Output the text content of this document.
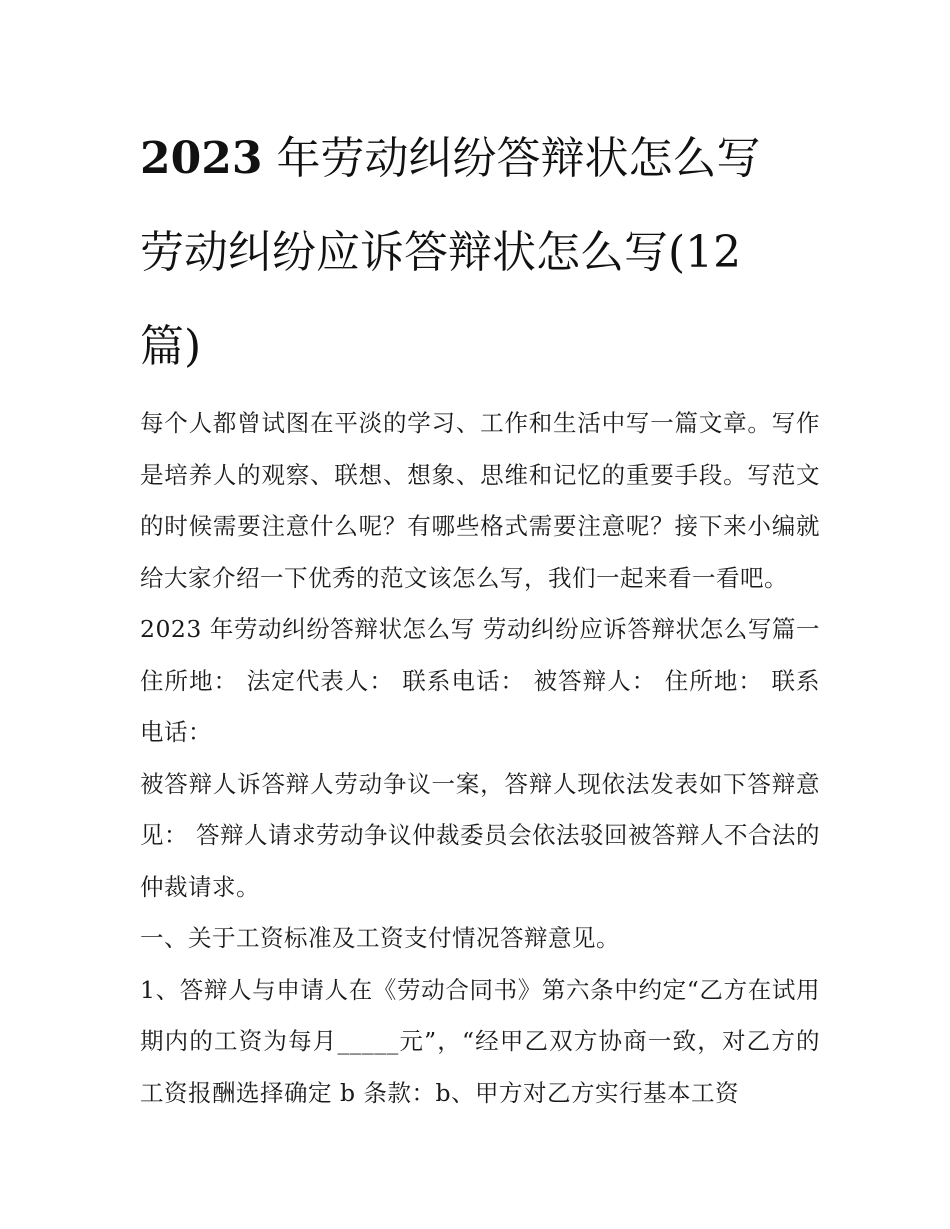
2023 年劳动纠纷答辩状怎么写
劳动纠纷应诉答辩状怎么写(12
篇)

每个人都曾试图在平淡的学习、工作和生活中写一篇文章。写作是培养人的观察、联想、想象、思维和记忆的重要手段。写范文的时候需要注意什么呢？有哪些格式需要注意呢？接下来小编就给大家介绍一下优秀的范文该怎么写，我们一起来看一看吧。

2023 年劳动纠纷答辩状怎么写 劳动纠纷应诉答辩状怎么写篇一 住所地： 法定代表人： 联系电话： 被答辩人： 住所地： 联系电话：

被答辩人诉答辩人劳动争议一案，答辩人现依法发表如下答辩意见： 答辩人请求劳动争议仲裁委员会依法驳回被答辩人不合法的仲裁请求。

一、关于工资标准及工资支付情况答辩意见。

1、答辩人与申请人在《劳动合同书》第六条中约定“乙方在试用期内的工资为每月_____元”，“经甲乙双方协商一致，对乙方的工资报酬选择确定 b 条款：b、甲方对乙方实行基本工资
